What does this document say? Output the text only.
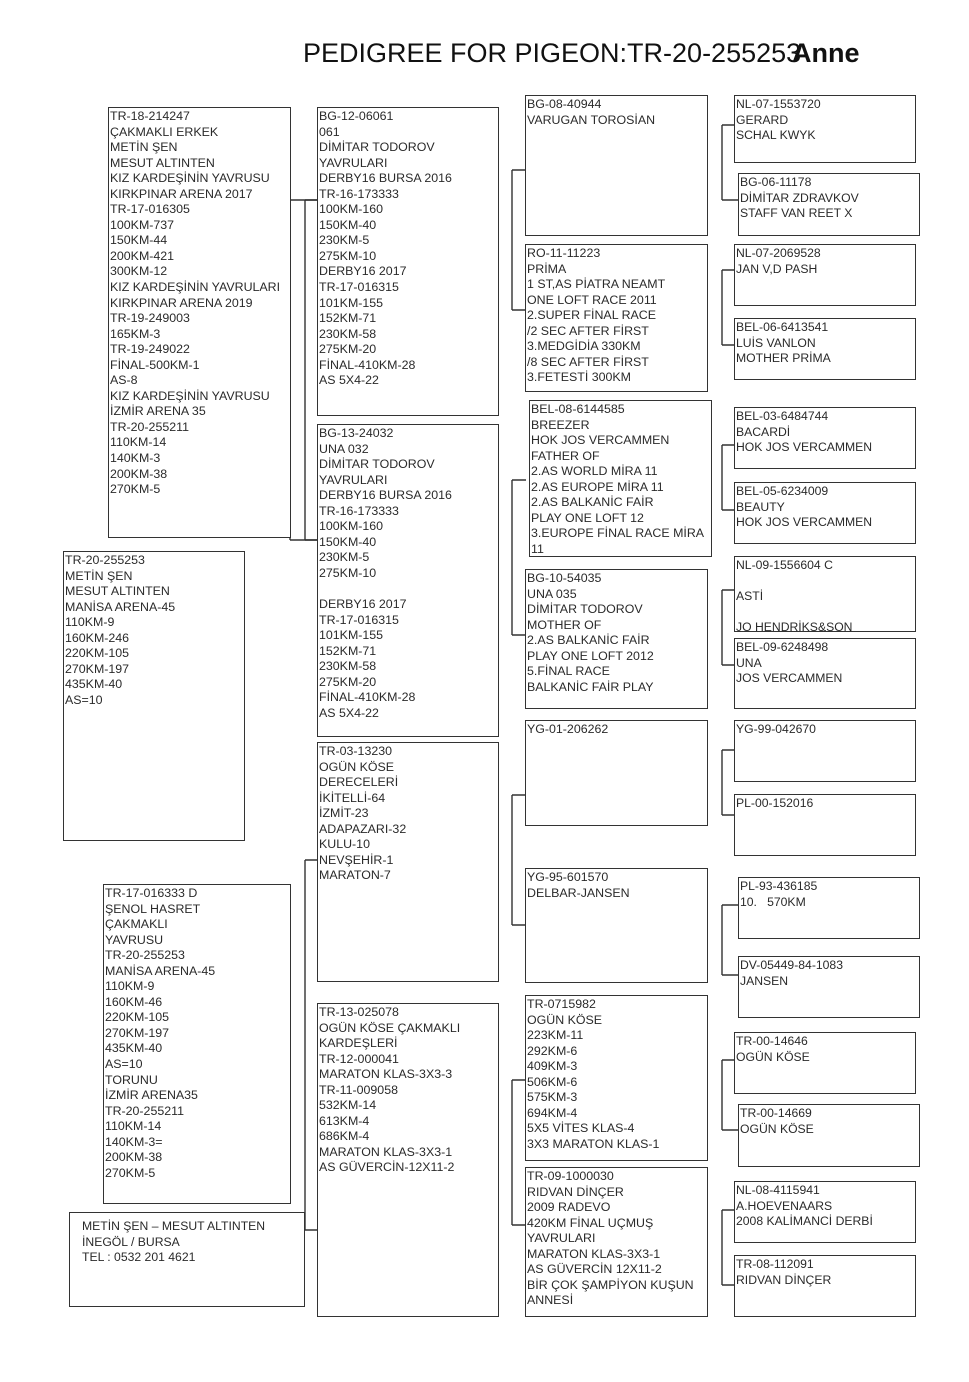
PEDIGREE FOR PIGEON:TR-20-255253
Anne
TR-18-214247
ÇAKMAKLI ERKEK
METİN ŞEN
MESUT ALTINTEN
KIZ KARDEŞİNİN YAVRUSU
KIRKPINAR ARENA 2017
TR-17-016305
100KM-737
150KM-44
200KM-421
300KM-12
KIZ KARDEŞİNİN YAVRULARI
KIRKPINAR ARENA 2019
TR-19-249003
165KM-3
TR-19-249022
FİNAL-500KM-1
AS-8
KIZ KARDEŞİNİN YAVRUSU
İZMİR ARENA 35
TR-20-255211
110KM-14
140KM-3
200KM-38
270KM-5
TR-20-255253
METİN ŞEN
MESUT ALTINTEN
MANİSA ARENA-45
110KM-9
160KM-246
220KM-105
270KM-197
435KM-40
AS=10
TR-17-016333 D
ŞENOL HASRET
ÇAKMAKLI
YAVRUSU
TR-20-255253
MANİSA ARENA-45
110KM-9
160KM-46
220KM-105
270KM-197
435KM-40
AS=10
TORUNU
İZMİR ARENA35
TR-20-255211
110KM-14
140KM-3=
200KM-38
270KM-5
METİN ŞEN – MESUT ALTINTEN
İNEGÖL / BURSA
TEL : 0532 201 4621
BG-12-06061
061
DİMİTAR TODOROV
YAVRULARI
DERBY16 BURSA 2016
TR-16-173333
100KM-160
150KM-40
230KM-5
275KM-10
DERBY16 2017
TR-17-016315
101KM-155
152KM-71
230KM-58
275KM-20
FİNAL-410KM-28
AS 5X4-22
BG-13-24032
UNA 032
DİMİTAR TODOROV
YAVRULARI
DERBY16 BURSA 2016
TR-16-173333
100KM-160
150KM-40
230KM-5
275KM-10
DERBY16 2017
TR-17-016315
101KM-155
152KM-71
230KM-58
275KM-20
FİNAL-410KM-28
AS 5X4-22
TR-03-13230
OGÜN KÖSE
DERECELERİ
İKİTELLİ-64
İZMİT-23
ADAPAZARI-32
KULU-10
NEVŞEHİR-1
MARATON-7
TR-13-025078
OGÜN KÖSE ÇAKMAKLI
KARDEŞLERİ
TR-12-000041
MARATON KLAS-3X3-3
TR-11-009058
532KM-14
613KM-4
686KM-4
MARATON KLAS-3X3-1
AS GÜVERCİN-12X11-2
BG-08-40944
VARUGAN TOROSİAN
RO-11-11223
PRİMA
1 ST,AS PİATRA NEAMT
ONE LOFT RACE 2011
2.SUPER FİNAL RACE
/2 SEC AFTER FİRST
3.MEDGİDİA 330KM
/8 SEC AFTER FİRST
3.FETESTİ 300KM
BEL-08-6144585
BREEZER
HOK JOS VERCAMMEN
FATHER OF
2.AS WORLD MİRA 11
2.AS EUROPE MİRA 11
2.AS BALKANİC FAİR
PLAY ONE LOFT 12
3.EUROPE FİNAL RACE MİRA
11
BG-10-54035
UNA 035
DİMİTAR TODOROV
MOTHER OF
2.AS BALKANİC FAİR
PLAY ONE LOFT 2012
5.FİNAL RACE
BALKANİC FAİR PLAY
YG-01-206262
YG-95-601570
DELBAR-JANSEN
TR-0715982
OGÜN KÖSE
223KM-11
292KM-6
409KM-3
506KM-6
575KM-3
694KM-4
5X5 VİTES KLAS-4
3X3 MARATON KLAS-1
TR-09-1000030
RIDVAN DİNÇER
2009 RADEVO
420KM FİNAL UÇMUŞ
YAVRULARI
MARATON KLAS-3X3-1
AS GÜVERCİN 12X11-2
BİR ÇOK ŞAMPİYON KUŞUN
ANNESİ
NL-07-1553720
GERARD
SCHAL KWYK
BG-06-11178
DİMİTAR ZDRAVKOV
STAFF VAN REET X
NL-07-2069528
JAN V,D PASH
BEL-06-6413541
LUİS VANLON
MOTHER PRİMA
BEL-03-6484744
BACARDİ
HOK JOS VERCAMMEN
BEL-05-6234009
BEAUTY
HOK JOS VERCAMMEN
NL-09-1556604 C
ASTİ
JO HENDRİKS&SON
BEL-09-6248498
UNA
JOS VERCAMMEN
YG-99-042670
PL-00-152016
PL-93-436185
10.   570KM
DV-05449-84-1083
JANSEN
TR-00-14646
OGÜN KÖSE
TR-00-14669
OGÜN KÖSE
NL-08-4115941
A.HOEVENAARS
2008 KALİMANCİ DERBİ
TR-08-112091
RIDVAN DİNÇER
